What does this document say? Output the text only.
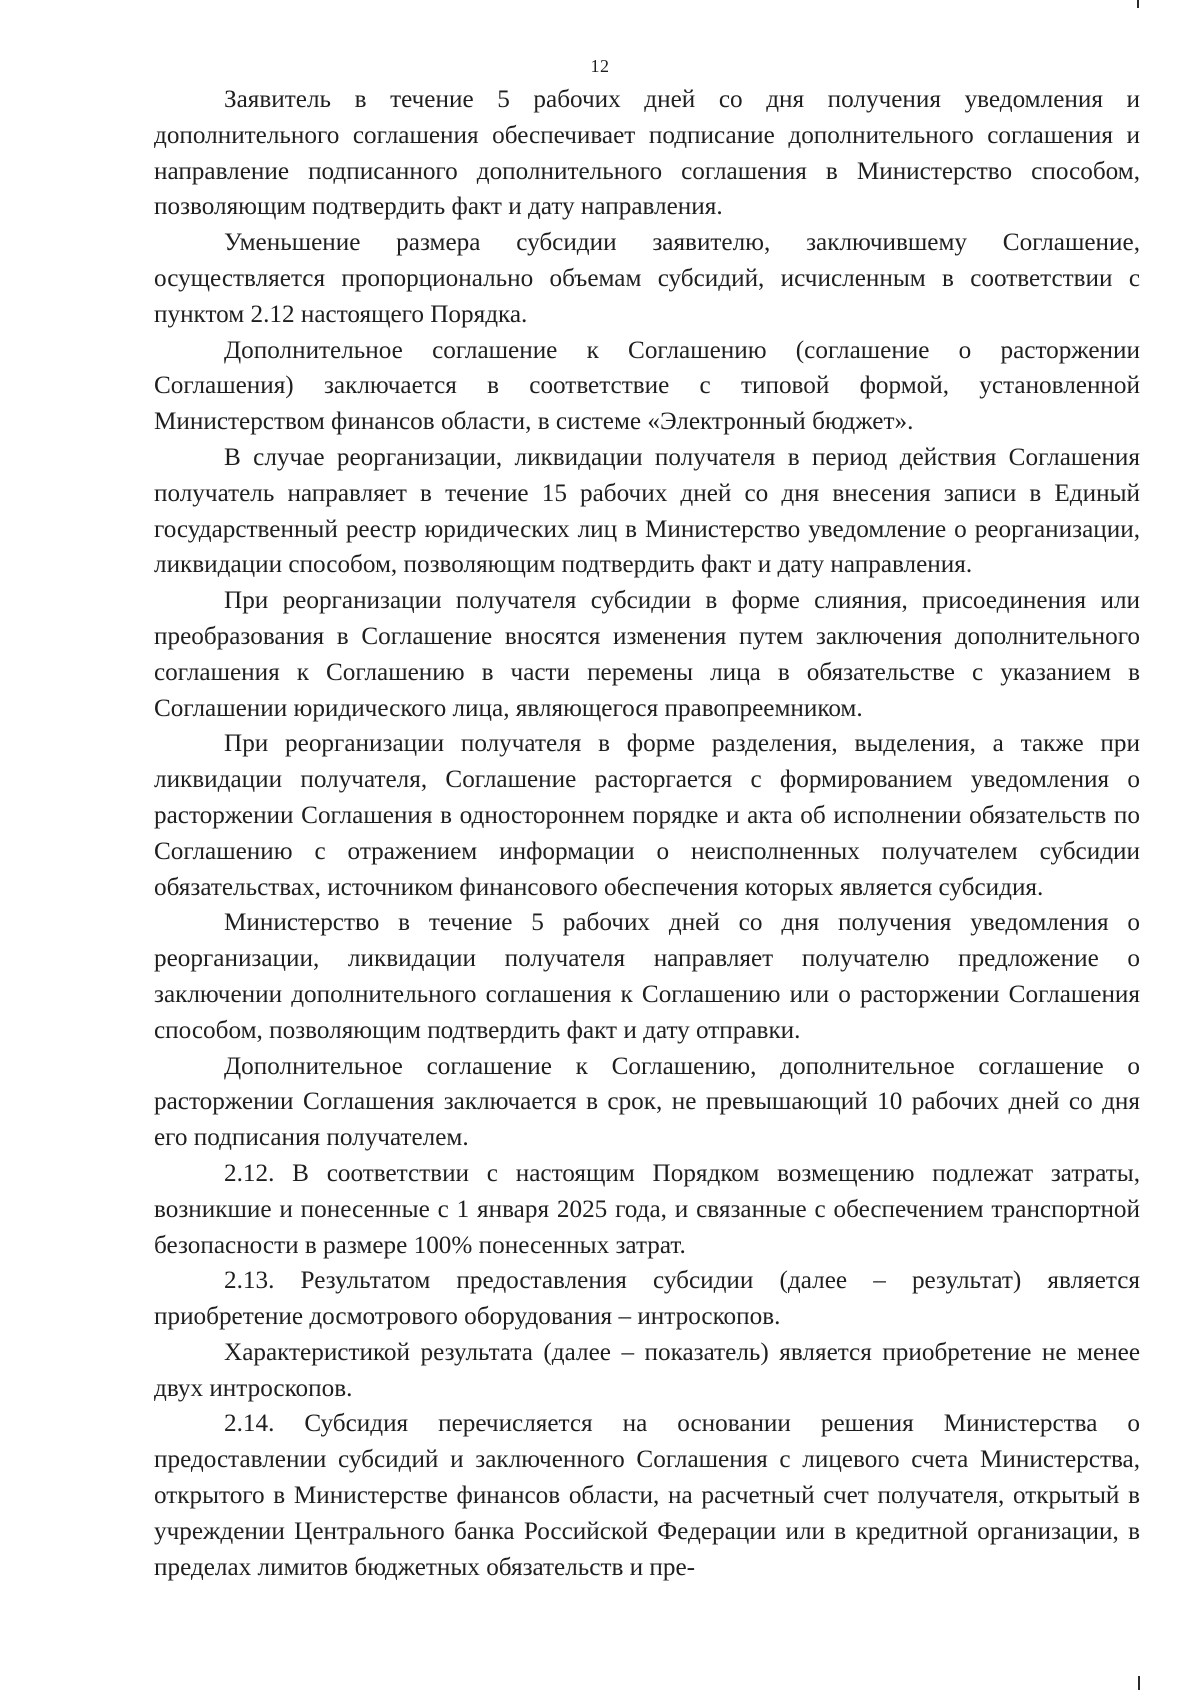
12

Заявитель в течение 5 рабочих дней со дня получения уведомления и дополнительного соглашения обеспечивает подписание дополнительного соглашения и направление подписанного дополнительного соглашения в Министерство способом, позволяющим подтвердить факт и дату направления.

Уменьшение размера субсидии заявителю, заключившему Соглашение, осуществляется пропорционально объемам субсидий, исчисленным в соответствии с пунктом 2.12 настоящего Порядка.

Дополнительное соглашение к Соглашению (соглашение о расторжении Соглашения) заключается в соответствие с типовой формой, установленной Министерством финансов области, в системе «Электронный бюджет».

В случае реорганизации, ликвидации получателя в период действия Соглашения получатель направляет в течение 15 рабочих дней со дня внесения записи в Единый государственный реестр юридических лиц в Министерство уведомление о реорганизации, ликвидации способом, позволяющим подтвердить факт и дату направления.

При реорганизации получателя субсидии в форме слияния, присоединения или преобразования в Соглашение вносятся изменения путем заключения дополнительного соглашения к Соглашению в части перемены лица в обязательстве с указанием в Соглашении юридического лица, являющегося правопреемником.

При реорганизации получателя в форме разделения, выделения, а также при ликвидации получателя, Соглашение расторгается с формированием уведомления о расторжении Соглашения в одностороннем порядке и акта об исполнении обязательств по Соглашению с отражением информации о неисполненных получателем субсидии обязательствах, источником финансового обеспечения которых является субсидия.

Министерство в течение 5 рабочих дней со дня получения уведомления о реорганизации, ликвидации получателя направляет получателю предложение о заключении дополнительного соглашения к Соглашению или о расторжении Соглашения способом, позволяющим подтвердить факт и дату отправки.

Дополнительное соглашение к Соглашению, дополнительное соглашение о расторжении Соглашения заключается в срок, не превышающий 10 рабочих дней со дня его подписания получателем.

2.12. В соответствии с настоящим Порядком возмещению подлежат затраты, возникшие и понесенные с 1 января 2025 года, и связанные с обеспечением транспортной безопасности в размере 100% понесенных затрат.

2.13. Результатом предоставления субсидии (далее – результат) является приобретение досмотрового оборудования – интроскопов.

Характеристикой результата (далее – показатель) является приобретение не менее двух интроскопов.

2.14. Субсидия перечисляется на основании решения Министерства о предоставлении субсидий и заключенного Соглашения с лицевого счета Министерства, открытого в Министерстве финансов области, на расчетный счет получателя, открытый в учреждении Центрального банка Российской Федерации или в кредитной организации, в пределах лимитов бюджетных обязательств и пре-
